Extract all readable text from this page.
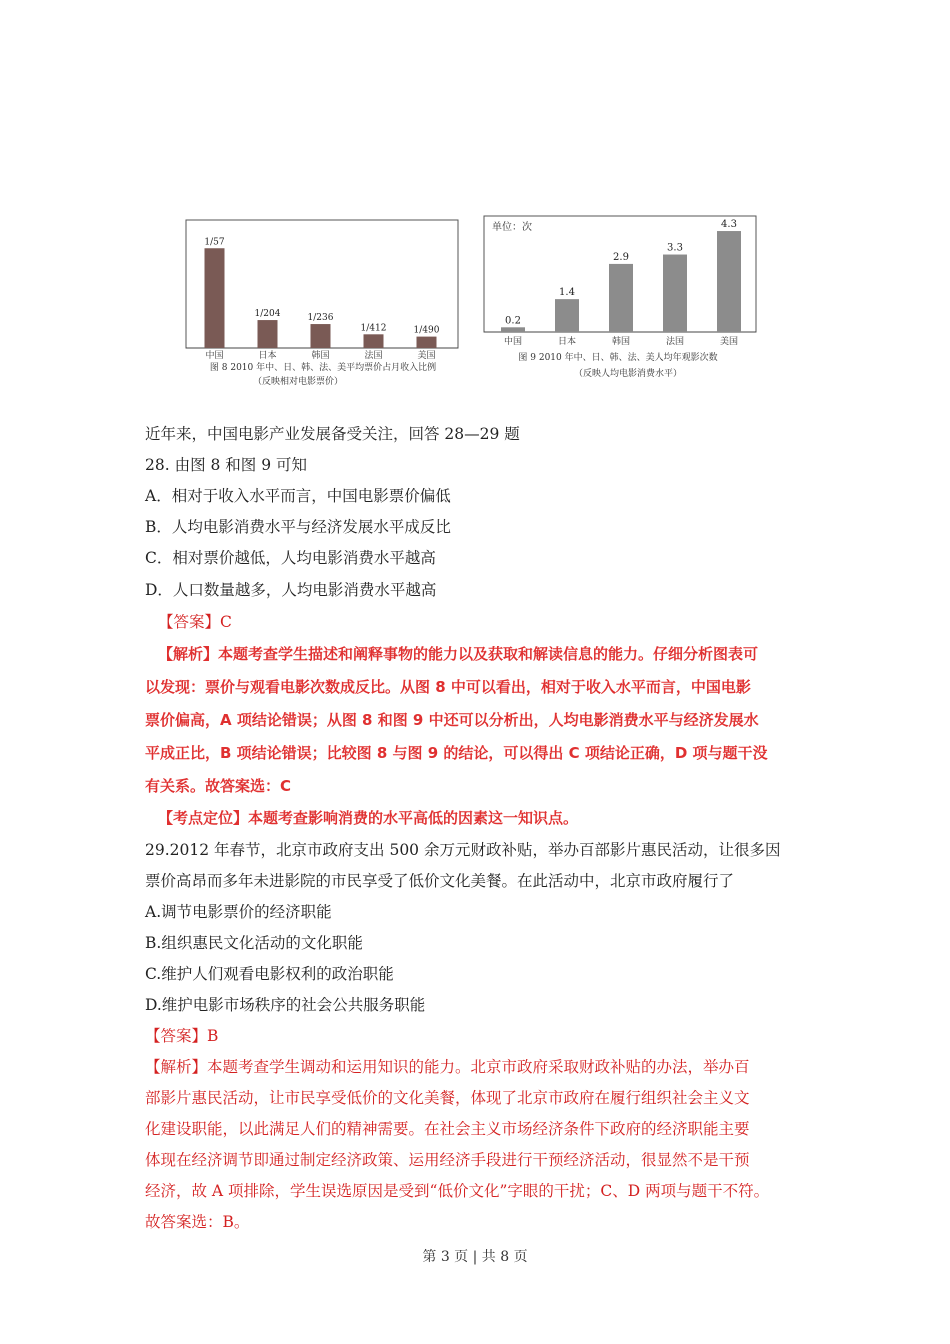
1/57
中国
1/204
日本
1/236
韩国
1/412
法国
1/490
美国
图 8 2010 年中、日、韩、法、美平均票价占月收入比例
（反映相对电影票价）
单位：次
0.2
中国
1.4
日本
2.9
韩国
3.3
法国
4.3
美国
图 9 2010 年中、日、韩、法、美人均年观影次数
（反映人均电影消费水平）
近年来，中国电影产业发展备受关注，回答 28—29 题
28. 由图 8 和图 9 可知
A．相对于收入水平而言，中国电影票价偏低
B．人均电影消费水平与经济发展水平成反比
C．相对票价越低，人均电影消费水平越高
D．人口数量越多，人均电影消费水平越高
【答案】C
【解析】本题考查学生描述和阐释事物的能力以及获取和解读信息的能力。仔细分析图表可
以发现：票价与观看电影次数成反比。从图 8 中可以看出，相对于收入水平而言，中国电影
票价偏高，A 项结论错误；从图 8 和图 9 中还可以分析出，人均电影消费水平与经济发展水
平成正比，B 项结论错误；比较图 8 与图 9 的结论，可以得出 C 项结论正确，D 项与题干没
有关系。故答案选：C
【考点定位】本题考查影响消费的水平高低的因素这一知识点。
29.2012 年春节，北京市政府支出 500 余万元财政补贴，举办百部影片惠民活动，让很多因
票价高昂而多年未进影院的市民享受了低价文化美餐。在此活动中，北京市政府履行了
A.调节电影票价的经济职能
B.组织惠民文化活动的文化职能
C.维护人们观看电影权利的政治职能
D.维护电影市场秩序的社会公共服务职能
【答案】B
【解析】本题考查学生调动和运用知识的能力。北京市政府采取财政补贴的办法，举办百
部影片惠民活动，让市民享受低价的文化美餐，体现了北京市政府在履行组织社会主义文
化建设职能，以此满足人们的精神需要。在社会主义市场经济条件下政府的经济职能主要
体现在经济调节即通过制定经济政策、运用经济手段进行干预经济活动，很显然不是干预
经济，故 A 项排除，学生误选原因是受到“低价文化”字眼的干扰；C、D 两项与题干不符。
故答案选：B。
第 3 页 | 共 8 页
